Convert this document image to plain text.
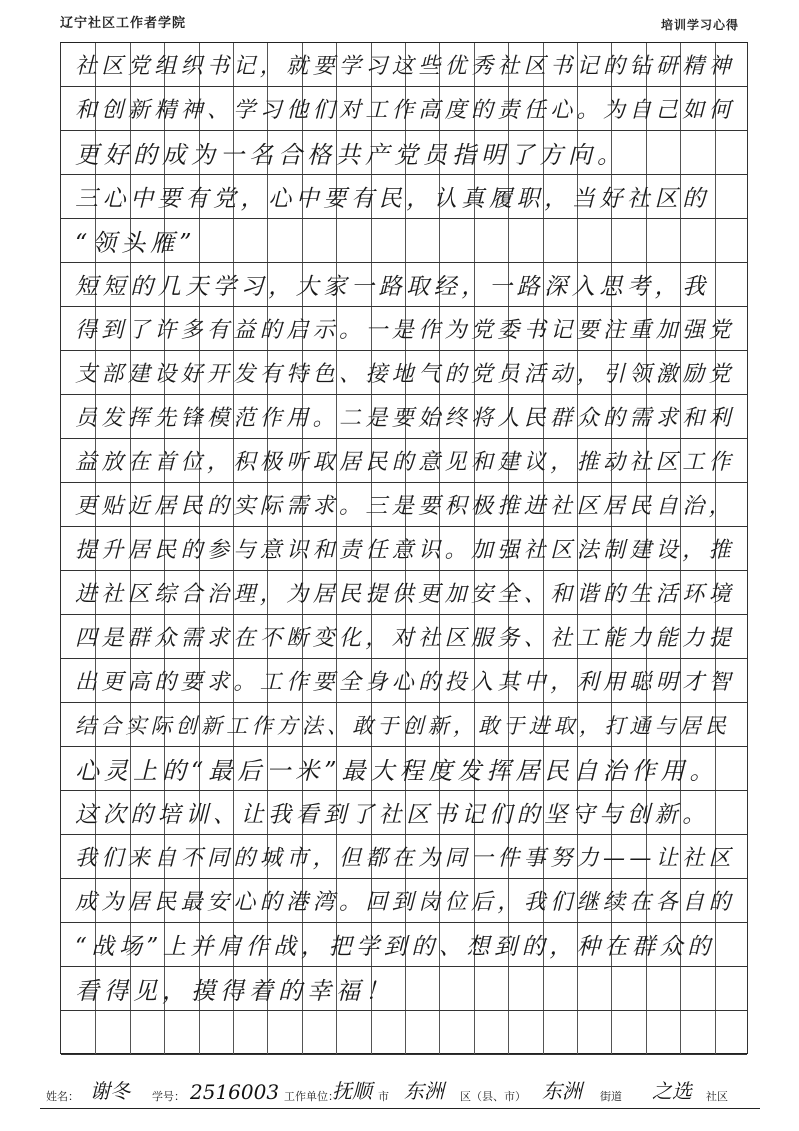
辽宁社区工作者学院	培训学习心得
社区党组织书记，就要学习这些优秀社区书记的钻研精神
和创新精神、学习他们对工作高度的责任心。为自己如何
更好的成为一名合格共产党员指明了方向。
三心中要有党，心中要有民，认真履职，当好社区的
“领头雁”
短短的几天学习，大家一路取经，一路深入思考，我
得到了许多有益的启示。一是作为党委书记要注重加强党
支部建设好开发有特色、接地气的党员活动，引领激励党
员发挥先锋模范作用。二是要始终将人民群众的需求和利
益放在首位，积极听取居民的意见和建议，推动社区工作
更贴近居民的实际需求。三是要积极推进社区居民自治，
提升居民的参与意识和责任意识。加强社区法制建设，推
进社区综合治理，为居民提供更加安全、和谐的生活环境
四是群众需求在不断变化，对社区服务、社工能力能力提
出更高的要求。工作要全身心的投入其中，利用聪明才智
结合实际创新工作方法、敢于创新，敢于进取，打通与居民
心灵上的“最后一米”最大程度发挥居民自治作用。
这次的培训、让我看到了社区书记们的坚守与创新。
我们来自不同的城市，但都在为同一件事努力——让社区
成为居民最安心的港湾。回到岗位后，我们继续在各自的
“战场”上并肩作战，把学到的、想到的，种在群众的
看得见，摸得着的幸福！
姓名： 谢冬 学号： 2516003 工作单位：
抚顺 市 东洲 区（县、市） 东洲 街道 之选 社区
